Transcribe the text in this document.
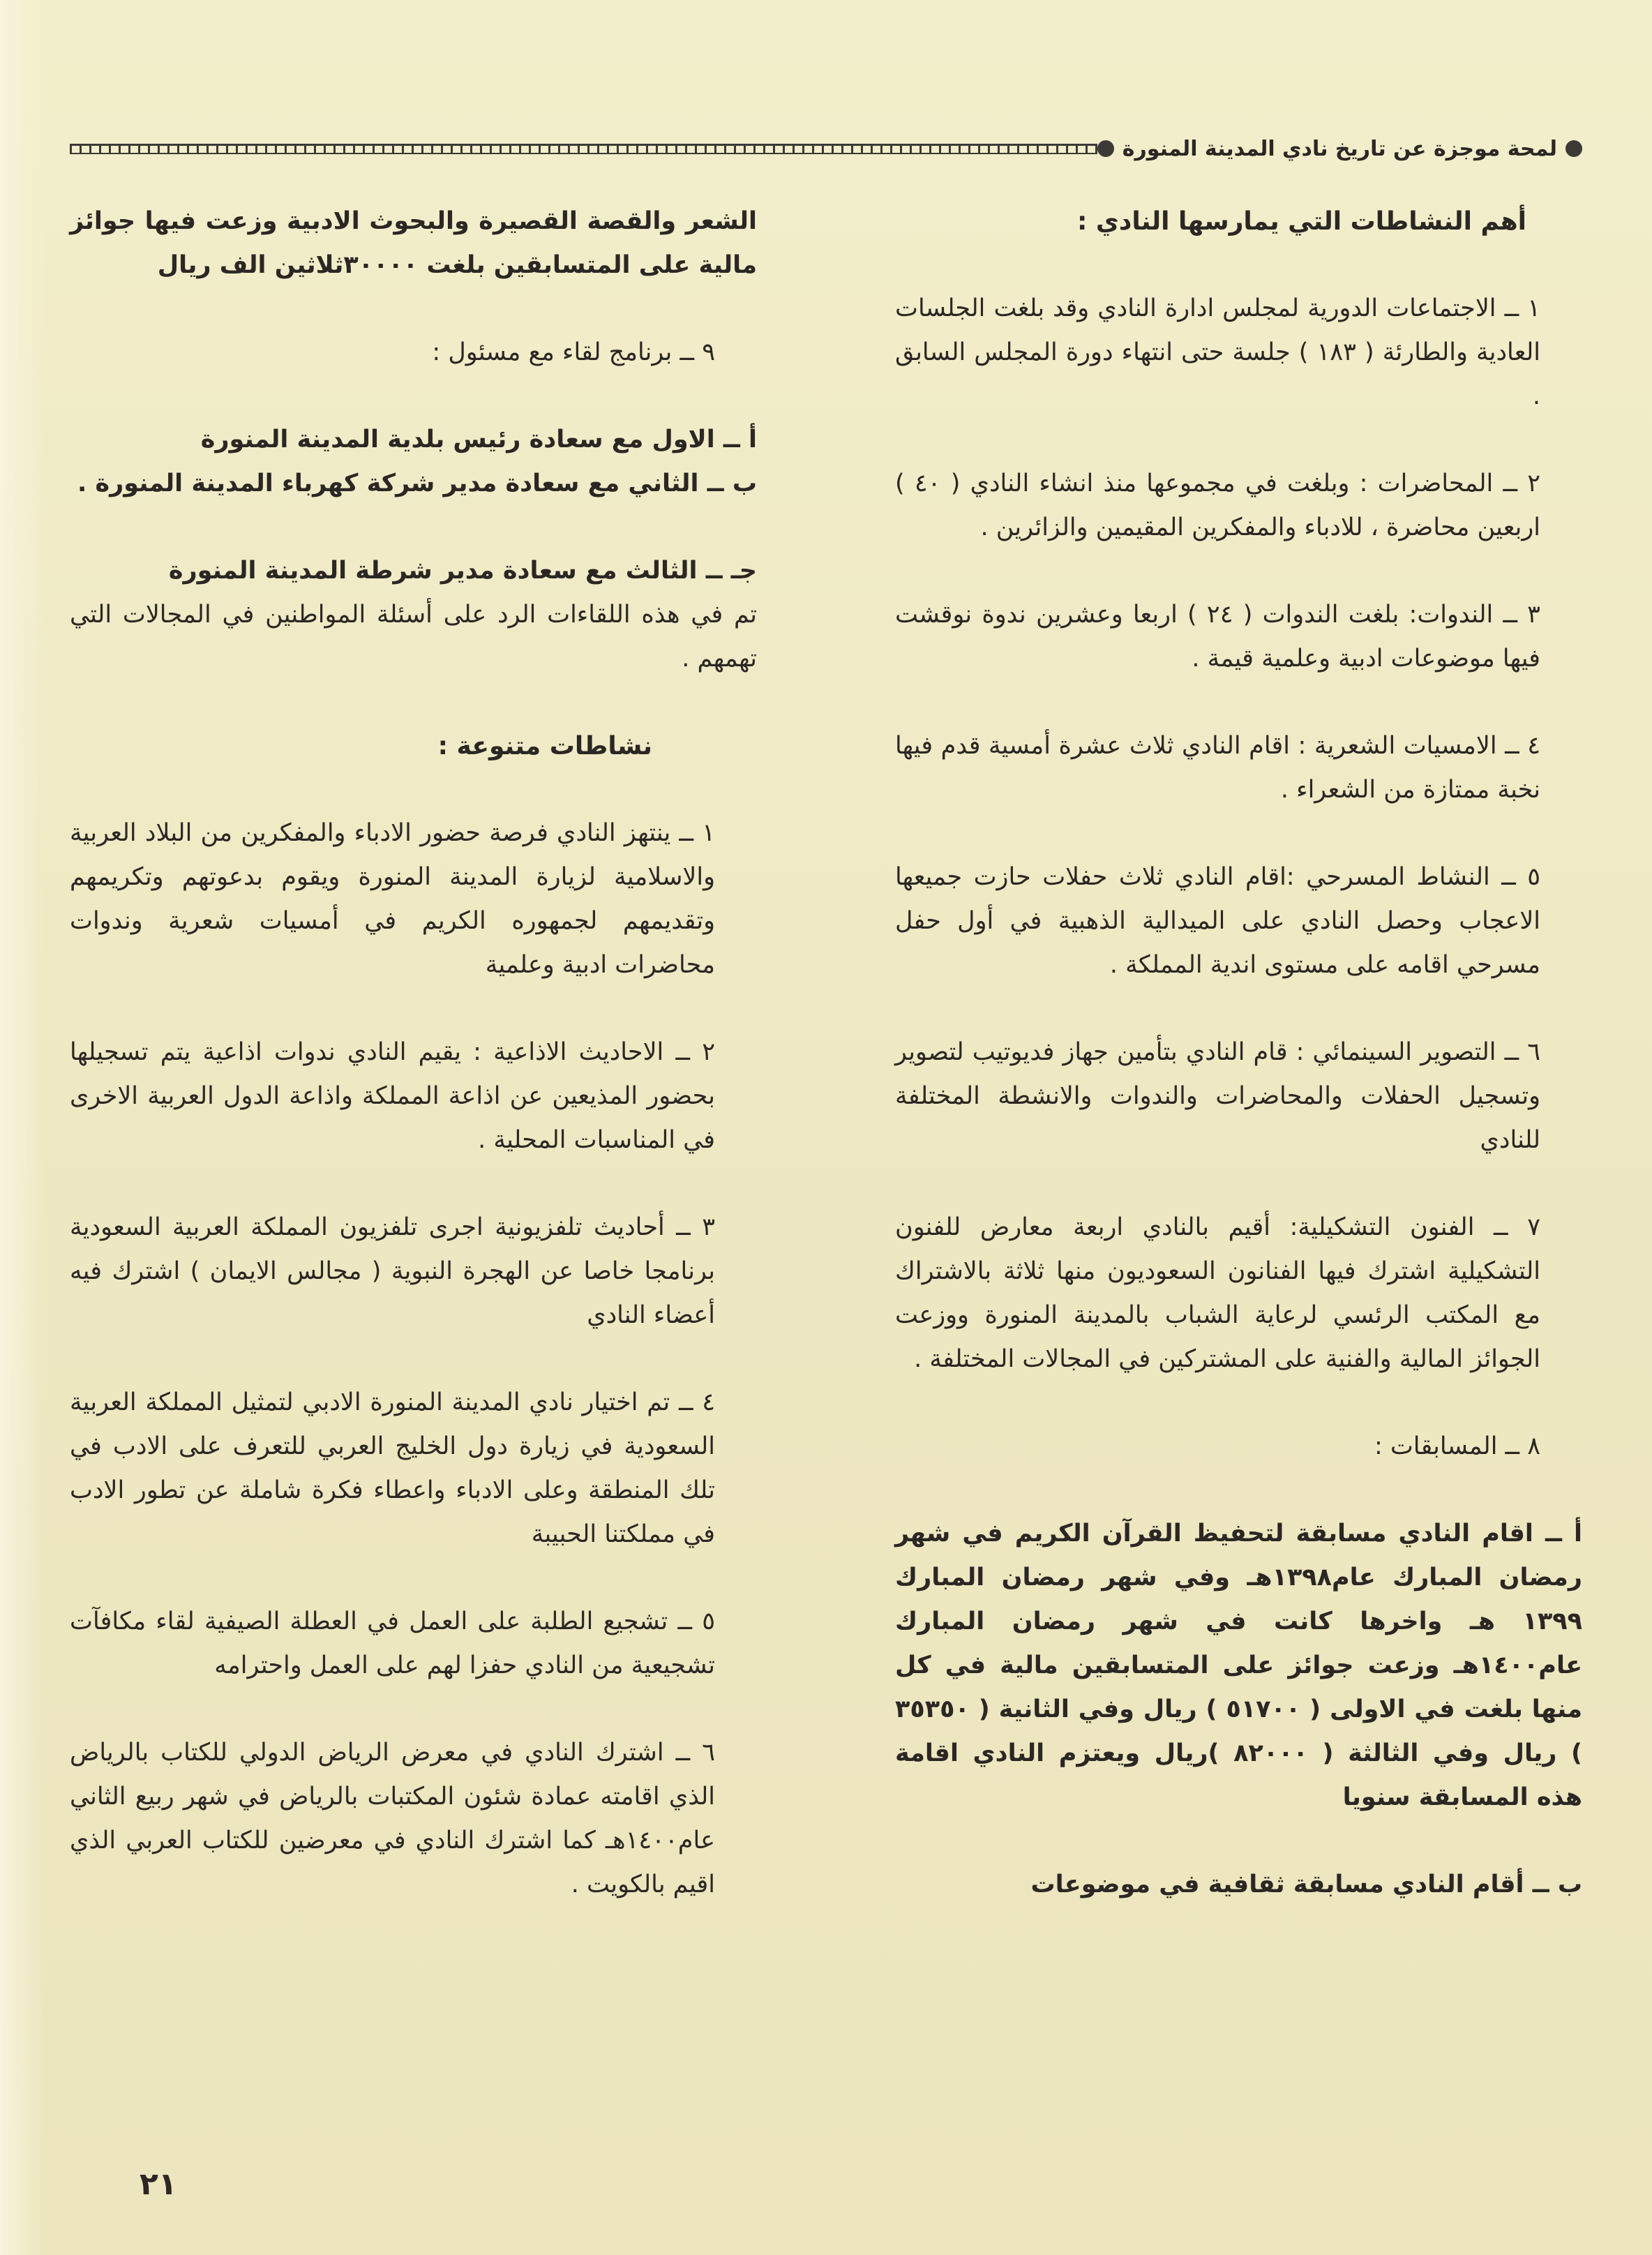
لمحة موجزة عن تاريخ نادي المدينة المنورة

أهم النشاطات التي يمارسها النادي :

١ ــ الاجتماعات الدورية لمجلس ادارة النادي وقد بلغت الجلسات العادية والطارئة ( ١٨٣ ) جلسة حتى انتهاء دورة المجلس السابق .

٢ ــ المحاضرات : وبلغت في مجموعها منذ انشاء النادي ( ٤٠ ) اربعين محاضرة ، للادباء والمفكرين المقيمين والزائرين .

٣ ــ الندوات: بلغت الندوات ( ٢٤ ) اربعا وعشرين ندوة نوقشت فيها موضوعات ادبية وعلمية قيمة .

٤ ــ الامسيات الشعرية : اقام النادي ثلاث عشرة أمسية قدم فيها نخبة ممتازة من الشعراء .

٥ ــ النشاط المسرحي :اقام النادي ثلاث حفلات حازت جميعها الاعجاب وحصل النادي على الميدالية الذهبية في أول حفل مسرحي اقامه على مستوى اندية المملكة .

٦ ــ التصوير السينمائي : قام النادي بتأمين جهاز فديوتيب لتصوير وتسجيل الحفلات والمحاضرات والندوات والانشطة المختلفة للنادي

٧ ــ الفنون التشكيلية: أقيم بالنادي اربعة معارض للفنون التشكيلية اشترك فيها الفنانون السعوديون منها ثلاثة بالاشتراك مع المكتب الرئسي لرعاية الشباب بالمدينة المنورة ووزعت الجوائز المالية والفنية على المشتركين في المجالات المختلفة .

٨ ــ المسابقات :

أ ــ اقام النادي مسابقة لتحفيظ القرآن الكريم في شهر رمضان المبارك عام١٣٩٨هـ وفي شهر رمضان المبارك ١٣٩٩ هـ واخرها كانت في شهر رمضان المبارك عام١٤٠٠هـ وزعت جوائز على المتسابقين مالية في كل منها بلغت في الاولى ( ٥١٧٠٠ ) ريال وفي الثانية ( ٣٥٣٥٠ ) ريال وفي الثالثة ( ٨٢٠٠٠ )ريال ويعتزم النادي اقامة هذه المسابقة سنويا

ب ــ أقام النادي مسابقة ثقافية في موضوعات

الشعر والقصة القصيرة والبحوث الادبية وزعت فيها جوائز مالية على المتسابقين بلغت ٣٠٠٠٠ثلاثين الف ريال

٩ ــ برنامج لقاء مع مسئول :

أ ــ الاول مع سعادة رئيس بلدية المدينة المنورة

ب ــ الثاني مع سعادة مدير شركة كهرباء المدينة المنورة .

جـ ــ الثالث مع سعادة مدير شرطة المدينة المنورة

تم في هذه اللقاءات الرد على أسئلة المواطنين في المجالات التي تهمهم .

نشاطات متنوعة :

١ ــ ينتهز النادي فرصة حضور الادباء والمفكرين من البلاد العربية والاسلامية لزيارة المدينة المنورة ويقوم بدعوتهم وتكريمهم وتقديمهم لجمهوره الكريم في أمسيات شعرية وندوات محاضرات ادبية وعلمية

٢ ــ الاحاديث الاذاعية : يقيم النادي ندوات اذاعية يتم تسجيلها بحضور المذيعين عن اذاعة المملكة واذاعة الدول العربية الاخرى في المناسبات المحلية .

٣ ــ أحاديث تلفزيونية اجرى تلفزيون المملكة العربية السعودية برنامجا خاصا عن الهجرة النبوية ( مجالس الايمان ) اشترك فيه أعضاء النادي

٤ ــ تم اختيار نادي المدينة المنورة الادبي لتمثيل المملكة العربية السعودية في زيارة دول الخليج العربي للتعرف على الادب في تلك المنطقة وعلى الادباء واعطاء فكرة شاملة عن تطور الادب في مملكتنا الحبيبة

٥ ــ تشجيع الطلبة على العمل في العطلة الصيفية لقاء مكافآت تشجيعية من النادي حفزا لهم على العمل واحترامه

٦ ــ اشترك النادي في معرض الرياض الدولي للكتاب بالرياض الذي اقامته عمادة شئون المكتبات بالرياض في شهر ربيع الثاني عام١٤٠٠هـ كما اشترك النادي في معرضين للكتاب العربي الذي اقيم بالكويت .

٢١
